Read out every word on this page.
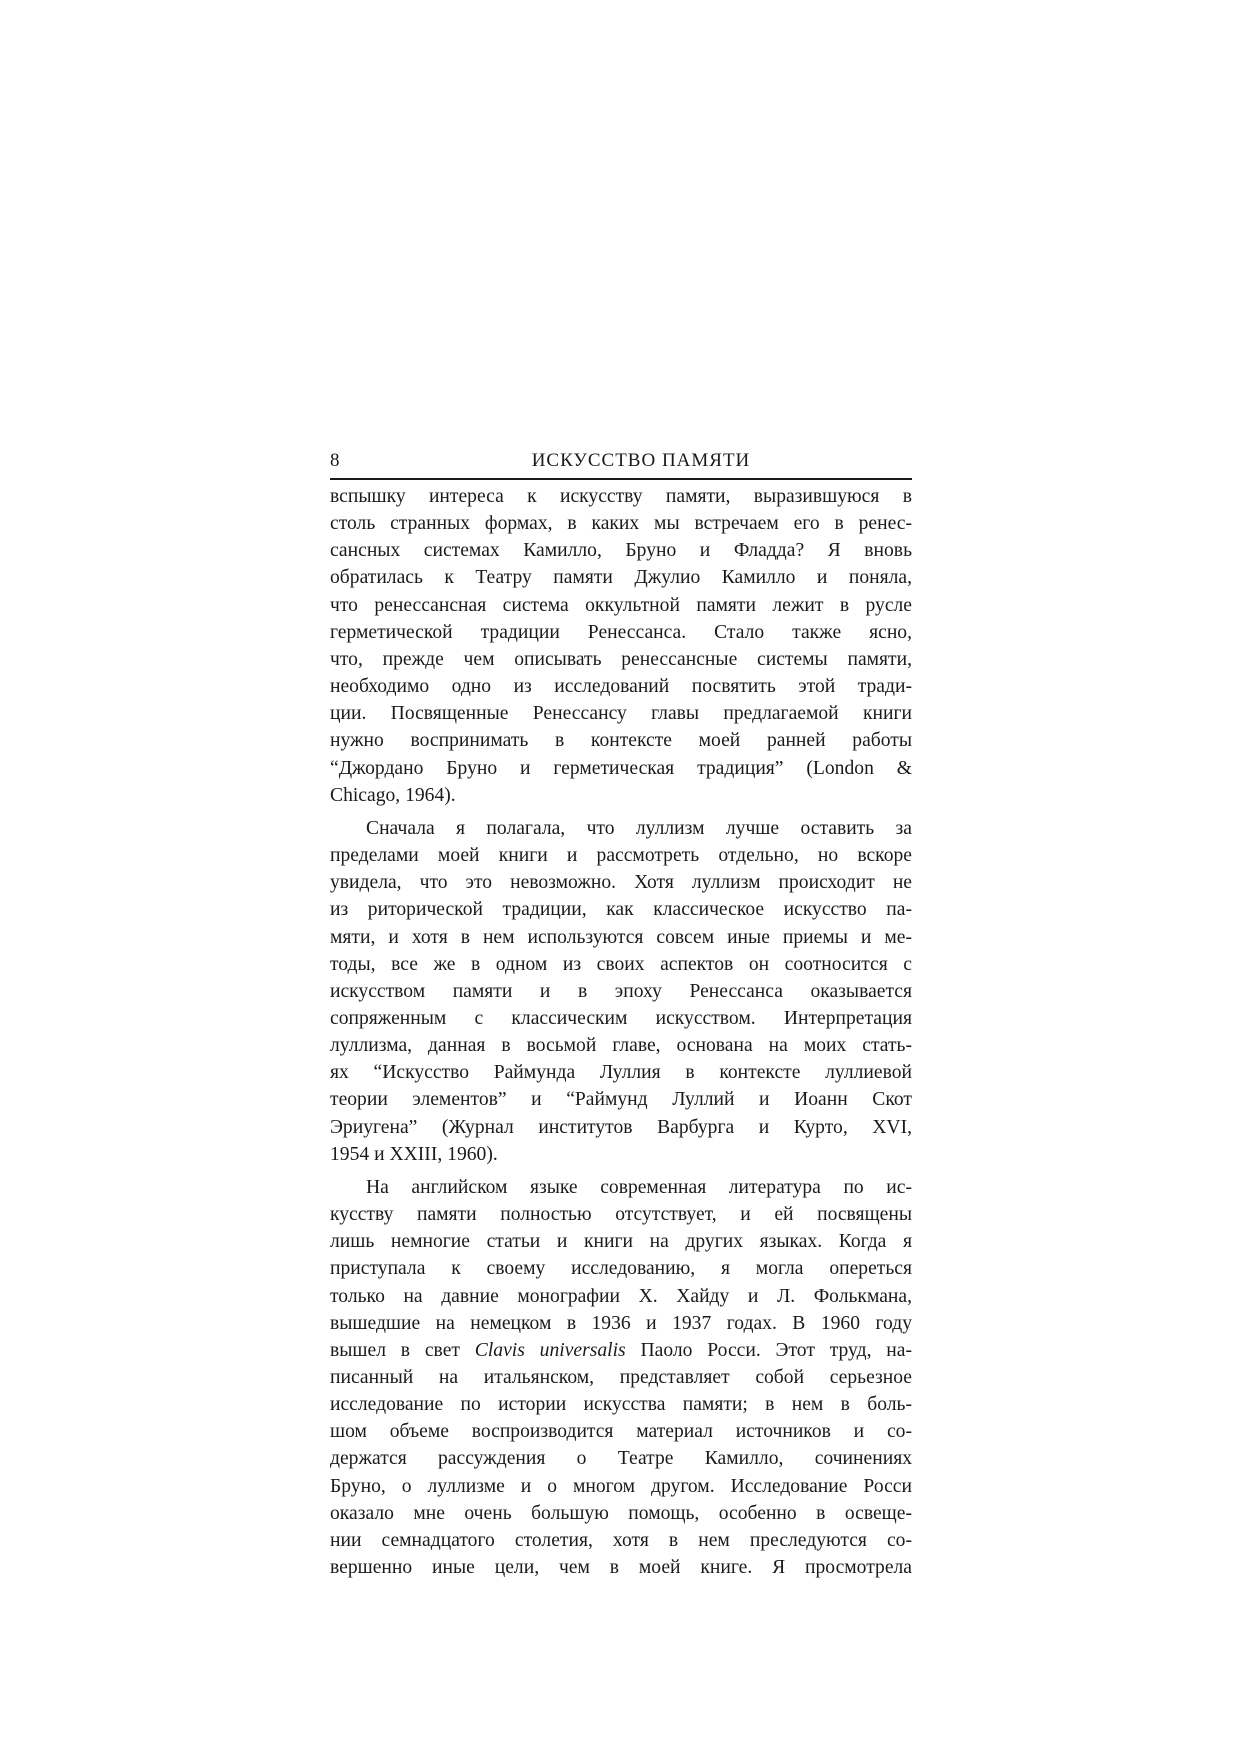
8	ИСКУССТВО ПАМЯТИ
вспышку интереса к искусству памяти, выразившуюся в
столь странных формах, в каких мы встречаем его в ренес-
сансных системах Камилло, Бруно и Фладда? Я вновь
обратилась к Театру памяти Джулио Камилло и поняла,
что ренессансная система оккультной памяти лежит в русле
герметической традиции Ренессанса. Стало также ясно,
что, прежде чем описывать ренессансные системы памяти,
необходимо одно из исследований посвятить этой тради-
ции. Посвященные Ренессансу главы предлагаемой книги
нужно воспринимать в контексте моей ранней работы
“Джордано Бруно и герметическая традиция” (London &
Chicago, 1964).
Сначала я полагала, что луллизм лучше оставить за
пределами моей книги и рассмотреть отдельно, но вскоре
увидела, что это невозможно. Хотя луллизм происходит не
из риторической традиции, как классическое искусство па-
мяти, и хотя в нем используются совсем иные приемы и ме-
тоды, все же в одном из своих аспектов он соотносится с
искусством памяти и в эпоху Ренессанса оказывается
сопряженным с классическим искусством. Интерпретация
луллизма, данная в восьмой главе, основана на моих стать-
ях “Искусство Раймунда Луллия в контексте луллиевой
теории элементов” и “Раймунд Луллий и Иоанн Скот
Эриугена” (Журнал институтов Варбурга и Курто, XVI,
1954 и XXIII, 1960).
На английском языке современная литература по ис-
кусству памяти полностью отсутствует, и ей посвящены
лишь немногие статьи и книги на других языках. Когда я
приступала к своему исследованию, я могла опереться
только на давние монографии Х. Хайду и Л. Фолькмана,
вышедшие на немецком в 1936 и 1937 годах. В 1960 году
вышел в свет Clavis universalis Паоло Росси. Этот труд, на-
писанный на итальянском, представляет собой серьезное
исследование по истории искусства памяти; в нем в боль-
шом объеме воспроизводится материал источников и со-
держатся рассуждения о Театре Камилло, сочинениях
Бруно, о луллизме и о многом другом. Исследование Росси
оказало мне очень большую помощь, особенно в освеще-
нии семнадцатого столетия, хотя в нем преследуются со-
вершенно иные цели, чем в моей книге. Я просмотрела
